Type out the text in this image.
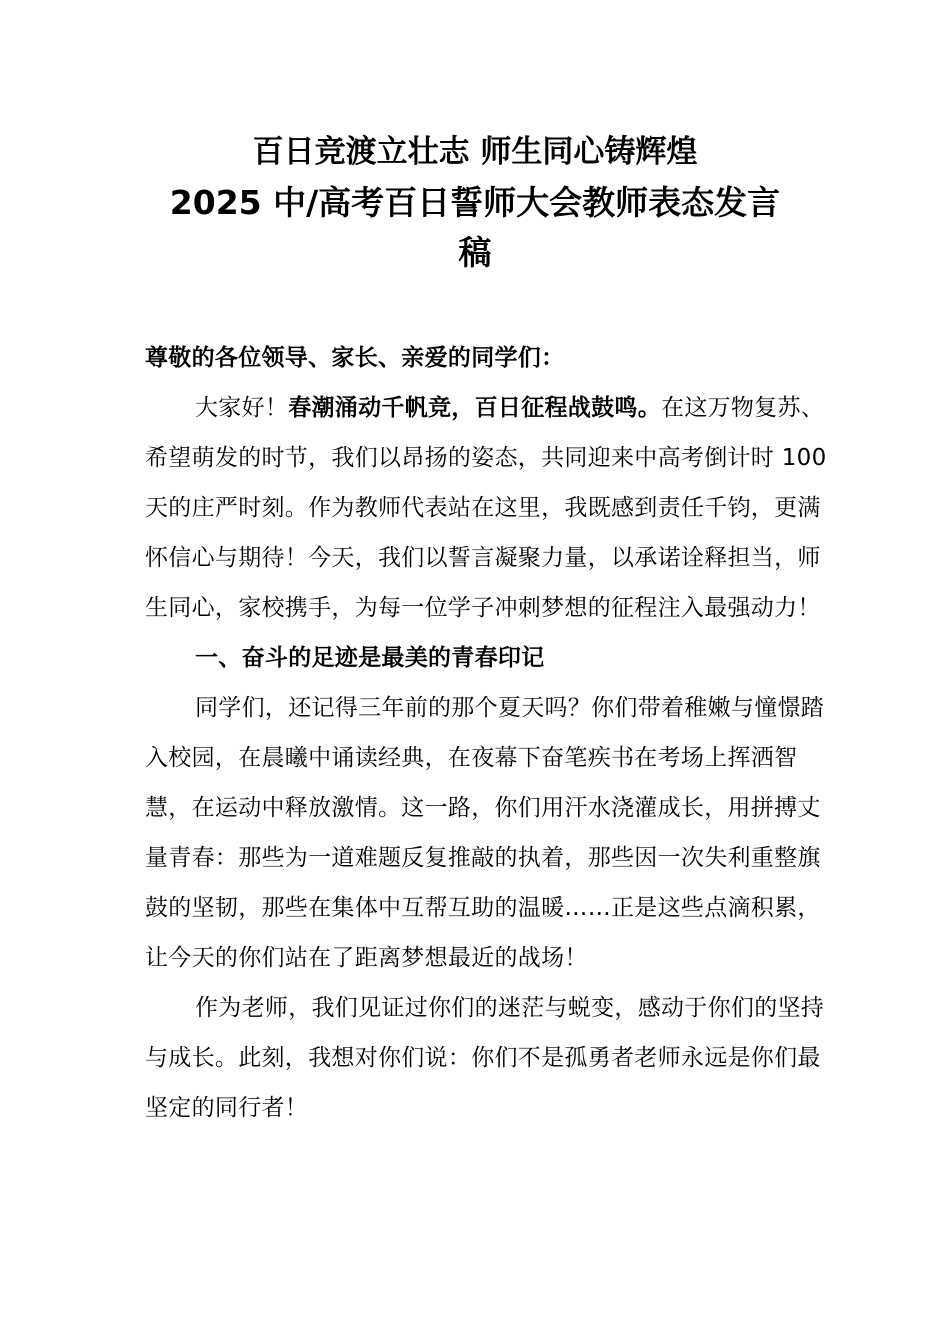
百日竞渡立壮志 师生同心铸辉煌
2025 中/高考百日誓师大会教师表态发言
稿

尊敬的各位领导、家长、亲爱的同学们：

大家好！春潮涌动千帆竞，百日征程战鼓鸣。在这万物复苏、希望萌发的时节，我们以昂扬的姿态，共同迎来中高考倒计时 100 天的庄严时刻。作为教师代表站在这里，我既感到责任千钧，更满怀信心与期待！今天，我们以誓言凝聚力量，以承诺诠释担当，师生同心，家校携手，为每一位学子冲刺梦想的征程注入最强动力！

一、奋斗的足迹是最美的青春印记

同学们，还记得三年前的那个夏天吗？你们带着稚嫩与憧憬踏入校园，在晨曦中诵读经典，在夜幕下奋笔疾书在考场上挥洒智慧，在运动中释放激情。这一路，你们用汗水浇灌成长，用拼搏丈量青春：那些为一道难题反复推敲的执着，那些因一次失利重整旗鼓的坚韧，那些在集体中互帮互助的温暖……正是这些点滴积累，让今天的你们站在了距离梦想最近的战场！

作为老师，我们见证过你们的迷茫与蜕变，感动于你们的坚持与成长。此刻，我想对你们说：你们不是孤勇者老师永远是你们最坚定的同行者！
